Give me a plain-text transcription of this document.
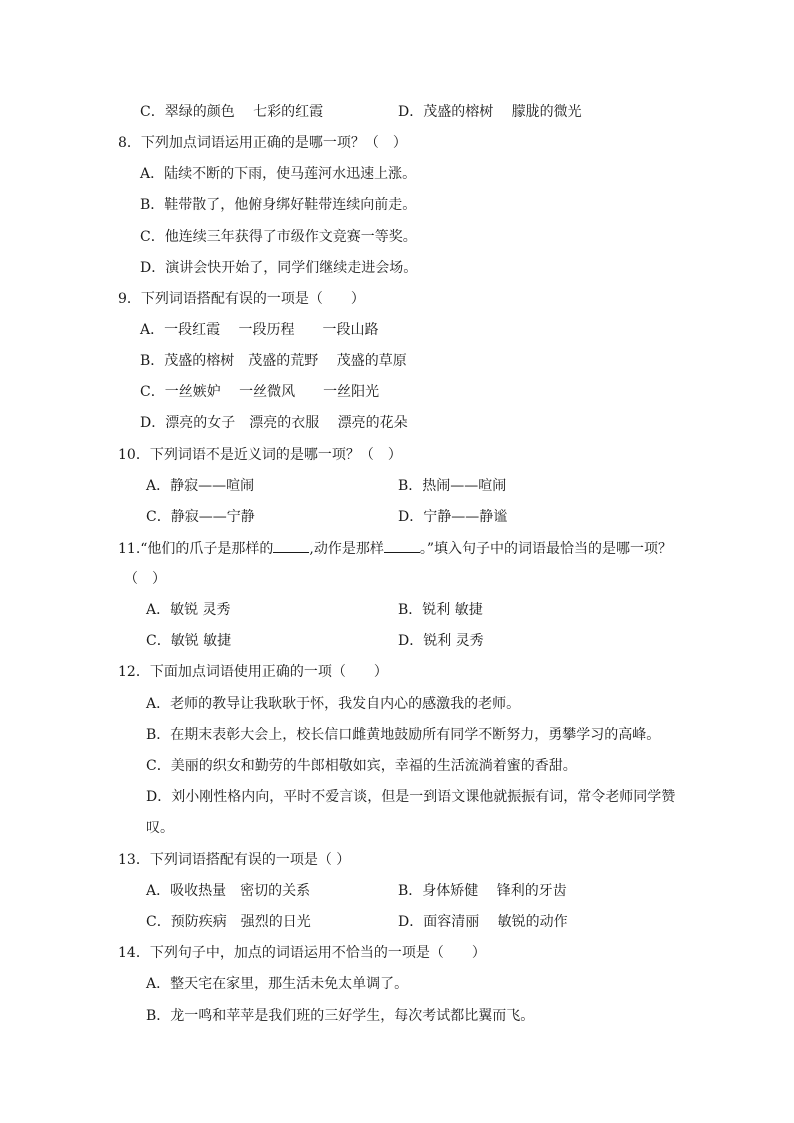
C．翠绿的颜色　 七彩的红霞	D．茂盛的榕树　 朦胧的微光
8．下列加点词语运用正确的是哪一项？（　）
A．陆续不断的下雨，使马莲河水迅速上涨。
B．鞋带散了，他俯身绑好鞋带连续向前走。
C．他连续三年获得了市级作文竞赛一等奖。
D．演讲会快开始了，同学们继续走进会场。
9．下列词语搭配有误的一项是（　　）
A．一段红霞　 一段历程　　一段山路
B．茂盛的榕树　茂盛的荒野　 茂盛的草原
C．一丝嫉妒　 一丝微风　　一丝阳光
D．漂亮的女子　漂亮的衣服　 漂亮的花朵
10．下列词语不是近义词的是哪一项？（　）
A．静寂——喧闹	B．热闹——喧闹
C．静寂——宁静	D．宁静——静谧
11.“他们的爪子是那样的	,动作是那样	。”填入句子中的词语最恰当的是哪一项？
（　）
A．敏锐 灵秀	B．锐利 敏捷
C．敏锐 敏捷	D．锐利 灵秀
12．下面加点词语使用正确的一项（　　）
A．老师的教导让我耿耿于怀，我发自内心的感激我的老师。
B．在期末表彰大会上，校长信口雌黄地鼓励所有同学不断努力，勇攀学习的高峰。
C．美丽的织女和勤劳的牛郎相敬如宾，幸福的生活流淌着蜜的香甜。
D．刘小刚性格内向，平时不爱言谈，但是一到语文课他就振振有词，常令老师同学赞
叹。
13．下列词语搭配有误的一项是（ ）
A．吸收热量　密切的关系	B．身体矫健　 锋利的牙齿
C．预防疾病　强烈的日光	D．面容清丽　 敏锐的动作
14．下列句子中，加点的词语运用不恰当的一项是（　　）
A．整天宅在家里，那生活未免太单调了。
B．龙一鸣和苹苹是我们班的三好学生，每次考试都比翼而飞。
